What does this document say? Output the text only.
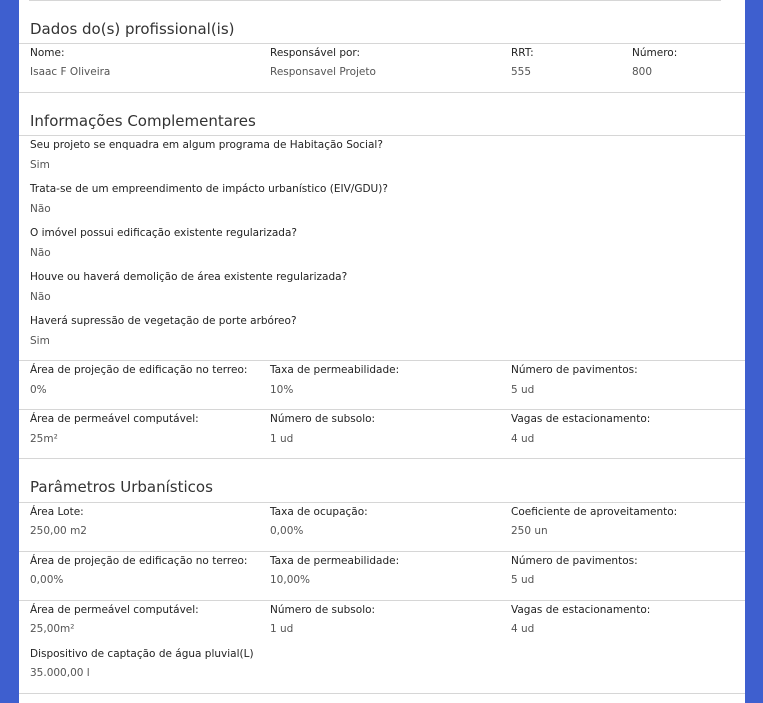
Dados do(s) profissional(is)
Nome:
Isaac F Oliveira
Responsável por:
Responsavel Projeto
RRT:
555
Número:
800
Informações Complementares
Seu projeto se enquadra em algum programa de Habitação Social?
Sim
Trata-se de um empreendimento de impácto urbanístico (EIV/GDU)?
Não
O imóvel possui edificação existente regularizada?
Não
Houve ou haverá demolição de área existente regularizada?
Não
Haverá supressão de vegetação de porte arbóreo?
Sim
Área de projeção de edificação no terreo:
0%
Taxa de permeabilidade:
10%
Número de pavimentos:
5 ud
Área de permeável computável:
25m²
Número de subsolo:
1 ud
Vagas de estacionamento:
4 ud
Parâmetros Urbanísticos
Área Lote:
250,00 m2
Taxa de ocupação:
0,00%
Coeficiente de aproveitamento:
250 un
Área de projeção de edificação no terreo:
0,00%
Taxa de permeabilidade:
10,00%
Número de pavimentos:
5 ud
Área de permeável computável:
25,00m²
Número de subsolo:
1 ud
Vagas de estacionamento:
4 ud
Dispositivo de captação de água pluvial(L)
35.000,00 l
